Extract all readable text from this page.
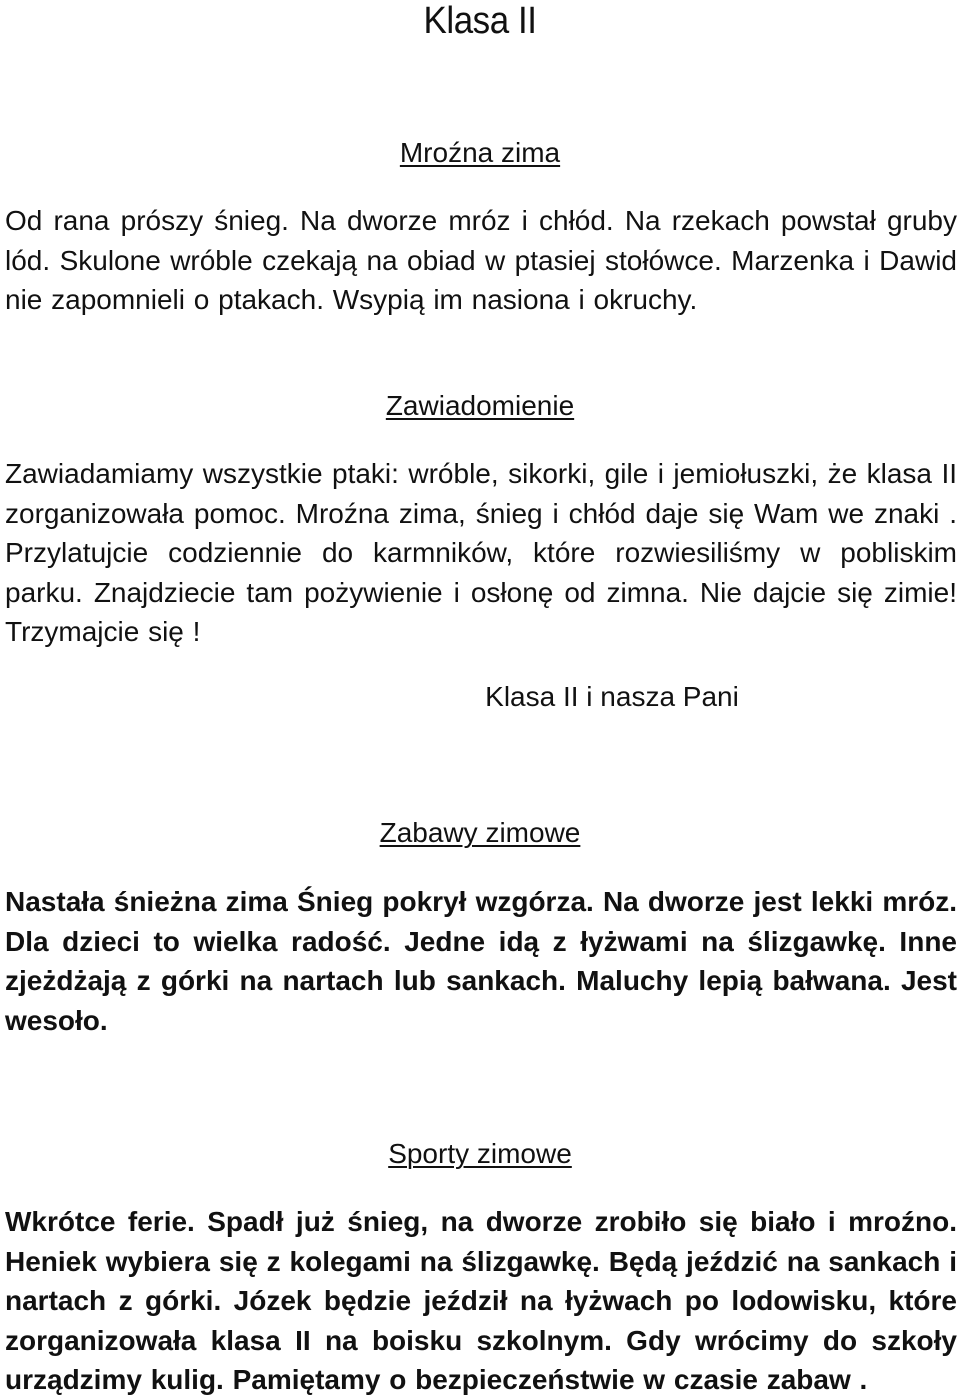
Klasa II
Mroźna zima

Od rana prószy śnieg. Na dworze mróz i chłód. Na rzekach powstał gruby lód. Skulone wróble czekają na obiad w ptasiej stołówce. Marzenka i Dawid nie zapomnieli o ptakach. Wsypią im nasiona i okruchy.

Zawiadomienie

Zawiadamiamy wszystkie ptaki: wróble, sikorki, gile i jemiołuszki, że klasa II zorganizowała pomoc. Mroźna zima, śnieg i chłód daje się Wam we znaki . Przylatujcie codziennie do karmników, które rozwiesiliśmy w pobliskim parku. Znajdziecie tam pożywienie i osłonę od zimna. Nie dajcie się zimie! Trzymajcie się !

Klasa II i nasza Pani

Zabawy zimowe

Nastała śnieżna zima Śnieg pokrył wzgórza. Na dworze jest lekki mróz. Dla dzieci to wielka radość. Jedne idą z łyżwami na ślizgawkę. Inne zjeżdżają z górki na nartach lub sankach. Maluchy lepią bałwana. Jest wesoło.

Sporty zimowe

Wkrótce ferie. Spadł już śnieg, na dworze zrobiło się biało i mroźno. Heniek wybiera się z kolegami na ślizgawkę. Będą jeździć na sankach i nartach z górki. Józek będzie jeździł na łyżwach po lodowisku, które zorganizowała klasa II na boisku szkolnym. Gdy wrócimy do szkoły urządzimy kulig. Pamiętamy o bezpieczeństwie w czasie zabaw .
